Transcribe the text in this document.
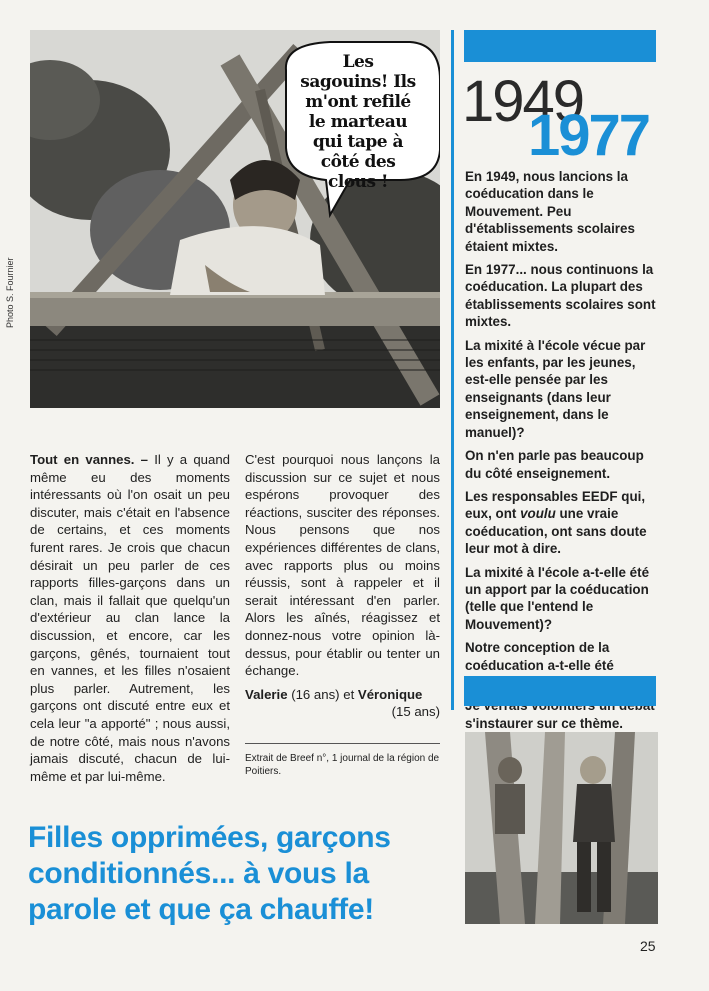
Les sagouins! Ils m'ont refilé le marteau qui tape à côté des clous !
Photo S. Fournier
Tout en vannes. – Il y a quand même eu des moments intéressants où l'on osait un peu discuter, mais c'était en l'absence de certains, et ces moments furent rares. Je crois que chacun désirait un peu parler de ces rapports filles-garçons dans un clan, mais il fallait que quelqu'un d'extérieur au clan lance la discussion, et encore, car les garçons, gênés, tournaient tout en vannes, et les filles n'osaient plus parler. Autrement, les garçons ont discuté entre eux et cela leur "a apporté" ; nous aussi, de notre côté, mais nous n'avons jamais discuté, chacun de lui-même et par lui-même.
C'est pourquoi nous lançons la discussion sur ce sujet et nous espérons provoquer des réactions, susciter des réponses. Nous pensons que nos expériences différentes de clans, avec rapports plus ou moins réussis, sont à rappeler et il serait intéressant d'en parler. Alors les aînés, réagissez et donnez-nous votre opinion là-dessus, pour établir ou tenter un échange.
Valerie (16 ans) et Véronique
(15 ans)
Extrait de Breef n°, 1 journal de la région de Poitiers.
Filles opprimées, garçons conditionnés... à vous la parole et que ça chauffe!
1949
1977

En 1949, nous lancions la coéducation dans le Mouvement. Peu d'établissements scolaires étaient mixtes.

En 1977... nous continuons la coéducation. La plupart des établissements scolaires sont mixtes.

La mixité à l'école vécue par les enfants, par les jeunes, est-elle pensée par les enseignants (dans leur enseignement, dans le manuel)?

On n'en parle pas beaucoup du côté enseignement.

Les responsables EEDF qui, eux, ont voulu une vraie coéducation, ont sans doute leur mot à dire.

La mixité à l'école a-t-elle été un apport par la coéducation (telle que l'entend le Mouvement)?

Notre conception de la coéducation a-t-elle été

s'instaurer sur ce thème.

25
